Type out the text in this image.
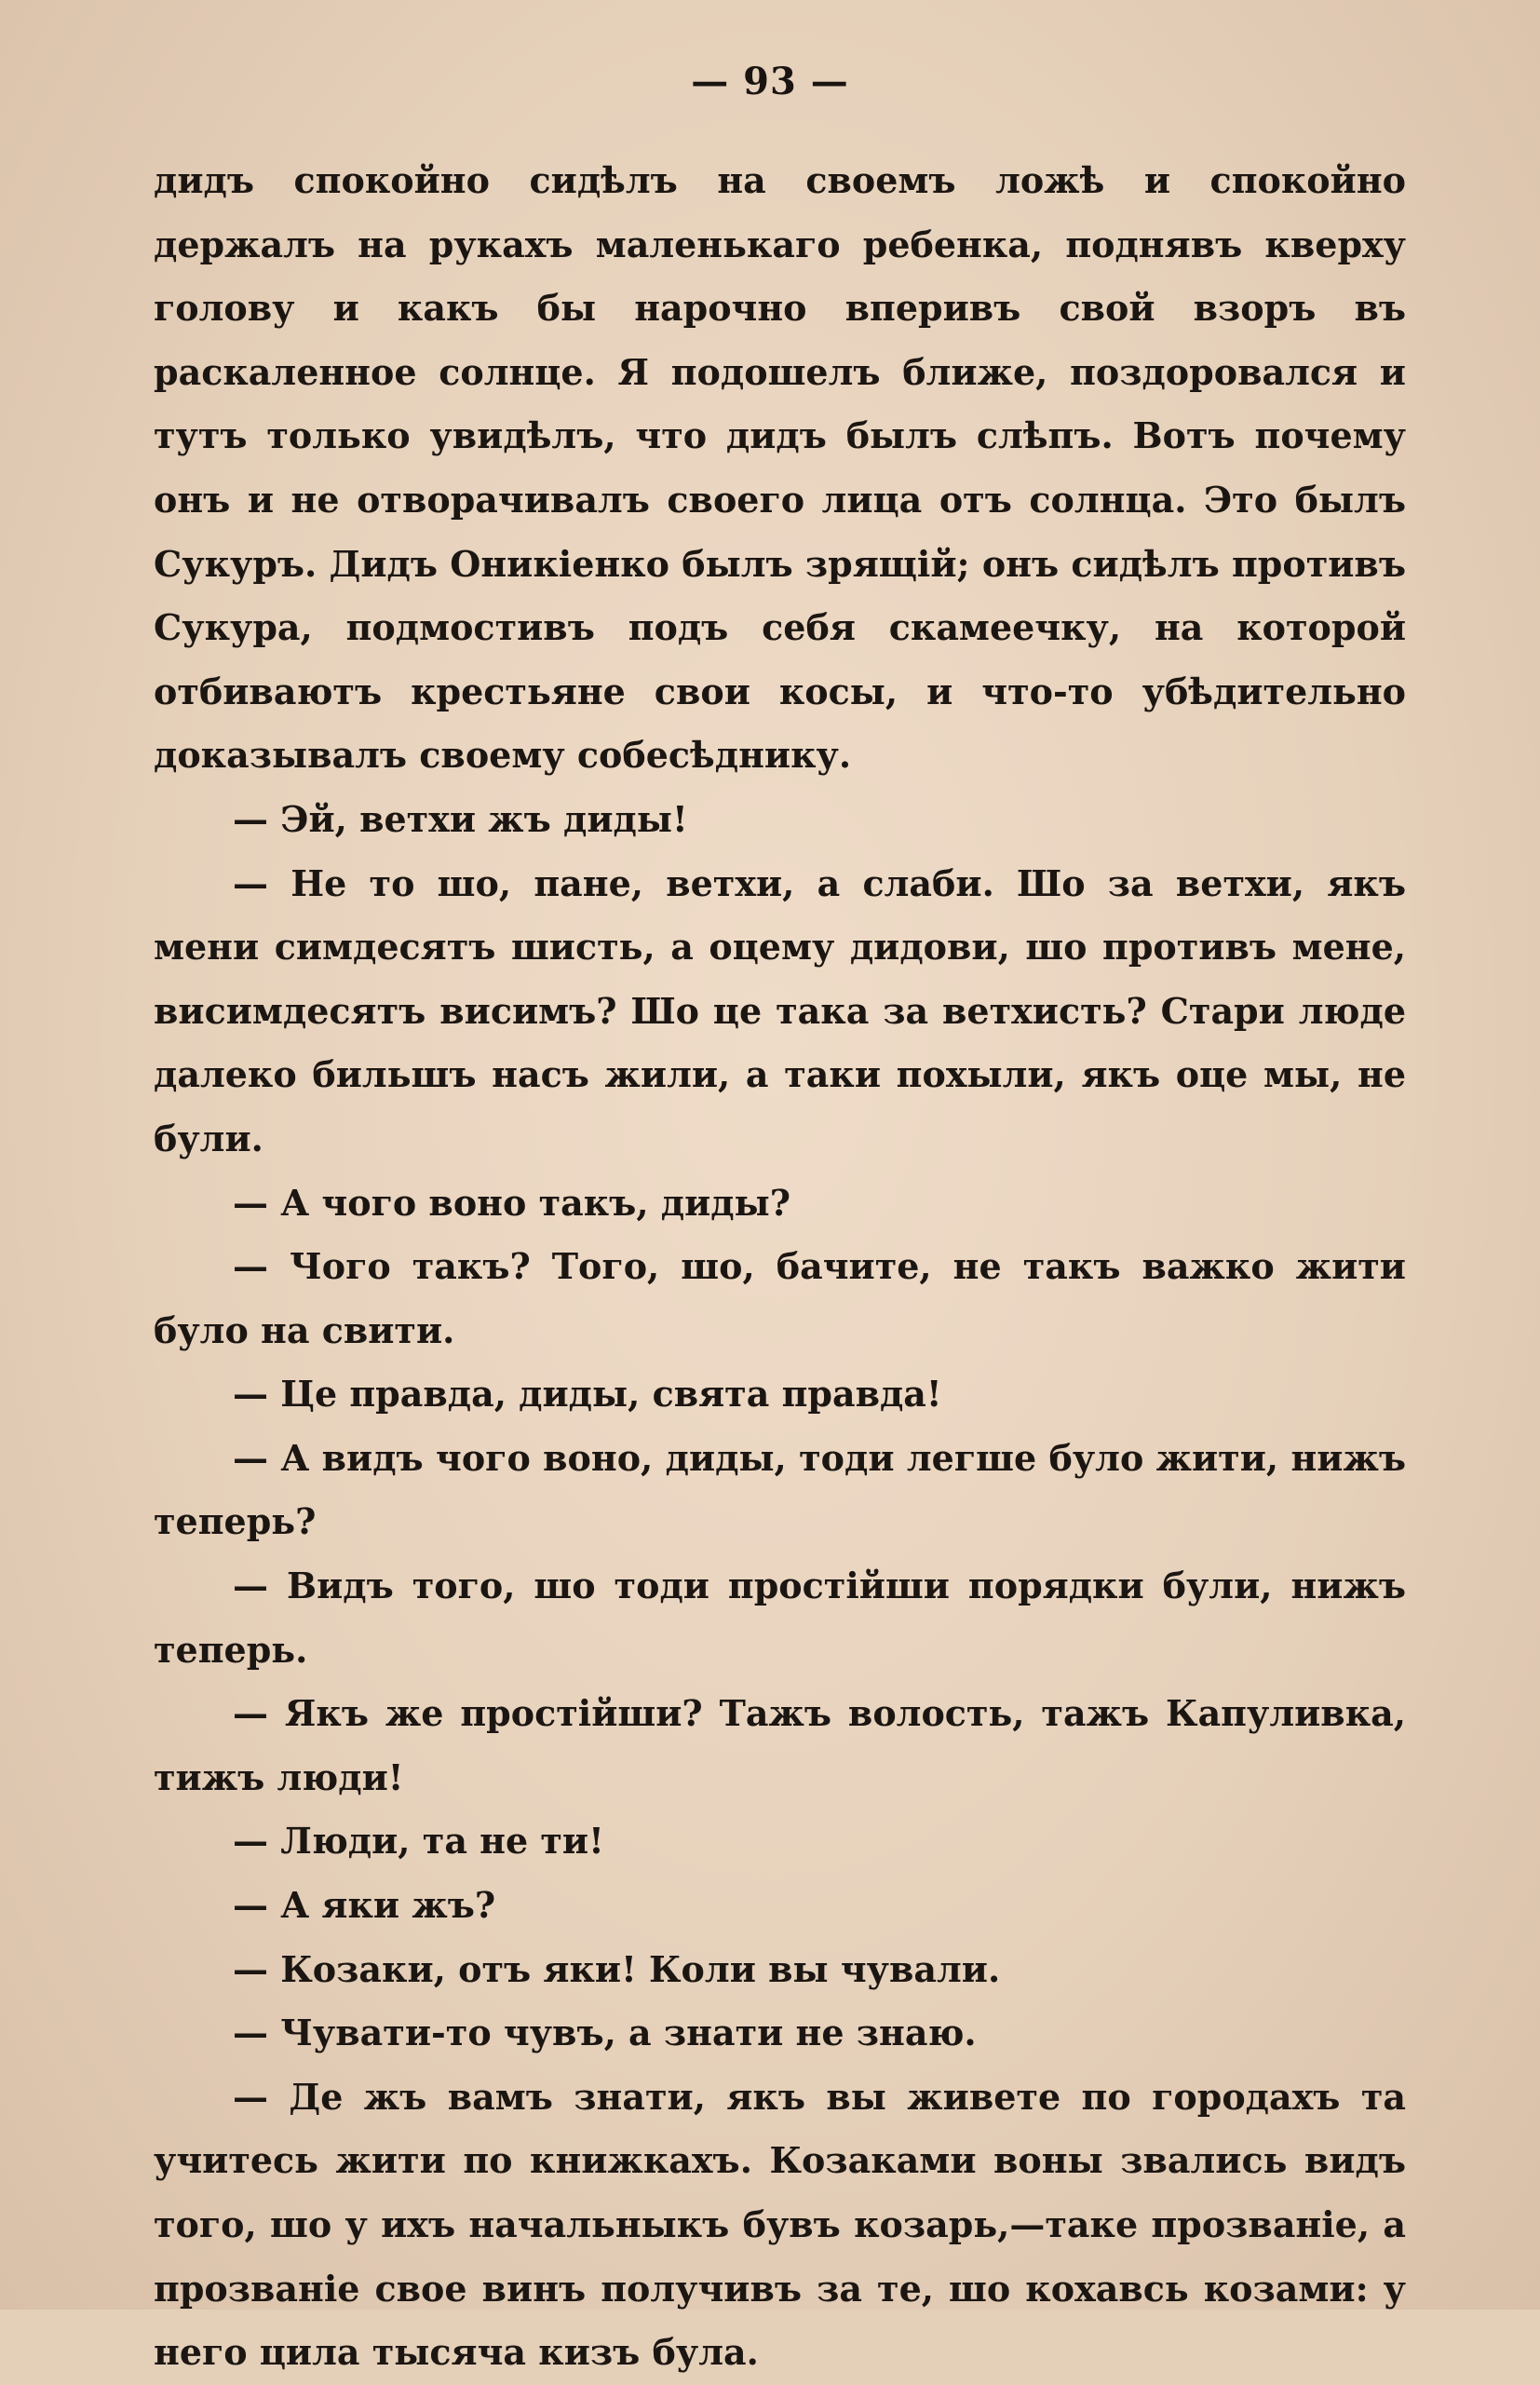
— 93 —

дидъ спокойно сидѣлъ на своемъ ложѣ и спокойно держалъ на рукахъ маленькаго ребенка, поднявъ кверху голову и какъ бы нарочно вперивъ свой взоръ въ раскаленное солнце. Я подошелъ ближе, поздоровался и тутъ только увидѣлъ, что дидъ былъ слѣпъ. Вотъ почему онъ и не отворачивалъ своего лица отъ солнца. Это былъ Сукуръ. Дидъ Оникіенко былъ зрящій; онъ сидѣлъ противъ Сукура, подмостивъ подъ себя скамеечку, на которой отбиваютъ крестьяне свои косы, и что-то убѣдительно доказывалъ своему собесѣднику.

— Эй, ветхи жъ диды!

— Не то шо, пане, ветхи, а слаби. Шо за ветхи, якъ мени симдесятъ шисть, а оцему дидови, шо противъ мене, висимдесятъ висимъ? Шо це така за ветхисть? Стари люде далеко бильшъ насъ жили, а таки похыли, якъ оце мы, не були.

— А чого воно такъ, диды?

— Чого такъ? Того, шо, бачите, не такъ важко жити було на свити.

— Це правда, диды, свята правда!

— А видъ чого воно, диды, тоди легше було жити, нижъ теперь?

— Видъ того, шо тоди простійши порядки були, нижъ теперь.

— Якъ же простійши? Тажъ волость, тажъ Капуливка, тижъ люди!

— Люди, та не ти!

— А яки жъ?

— Козаки, отъ яки! Коли вы чували.

— Чувати-то чувъ, а знати не знаю.

— Де жъ вамъ знати, якъ вы живете по городахъ та учитесь жити по книжкахъ. Козаками воны звались видъ того, шо у ихъ начальныкъ бувъ козарь,—таке прозваніе, а прозваніе свое винъ получивъ за те, шо кохавсь козами: у него цила тысяча кизъ була.
